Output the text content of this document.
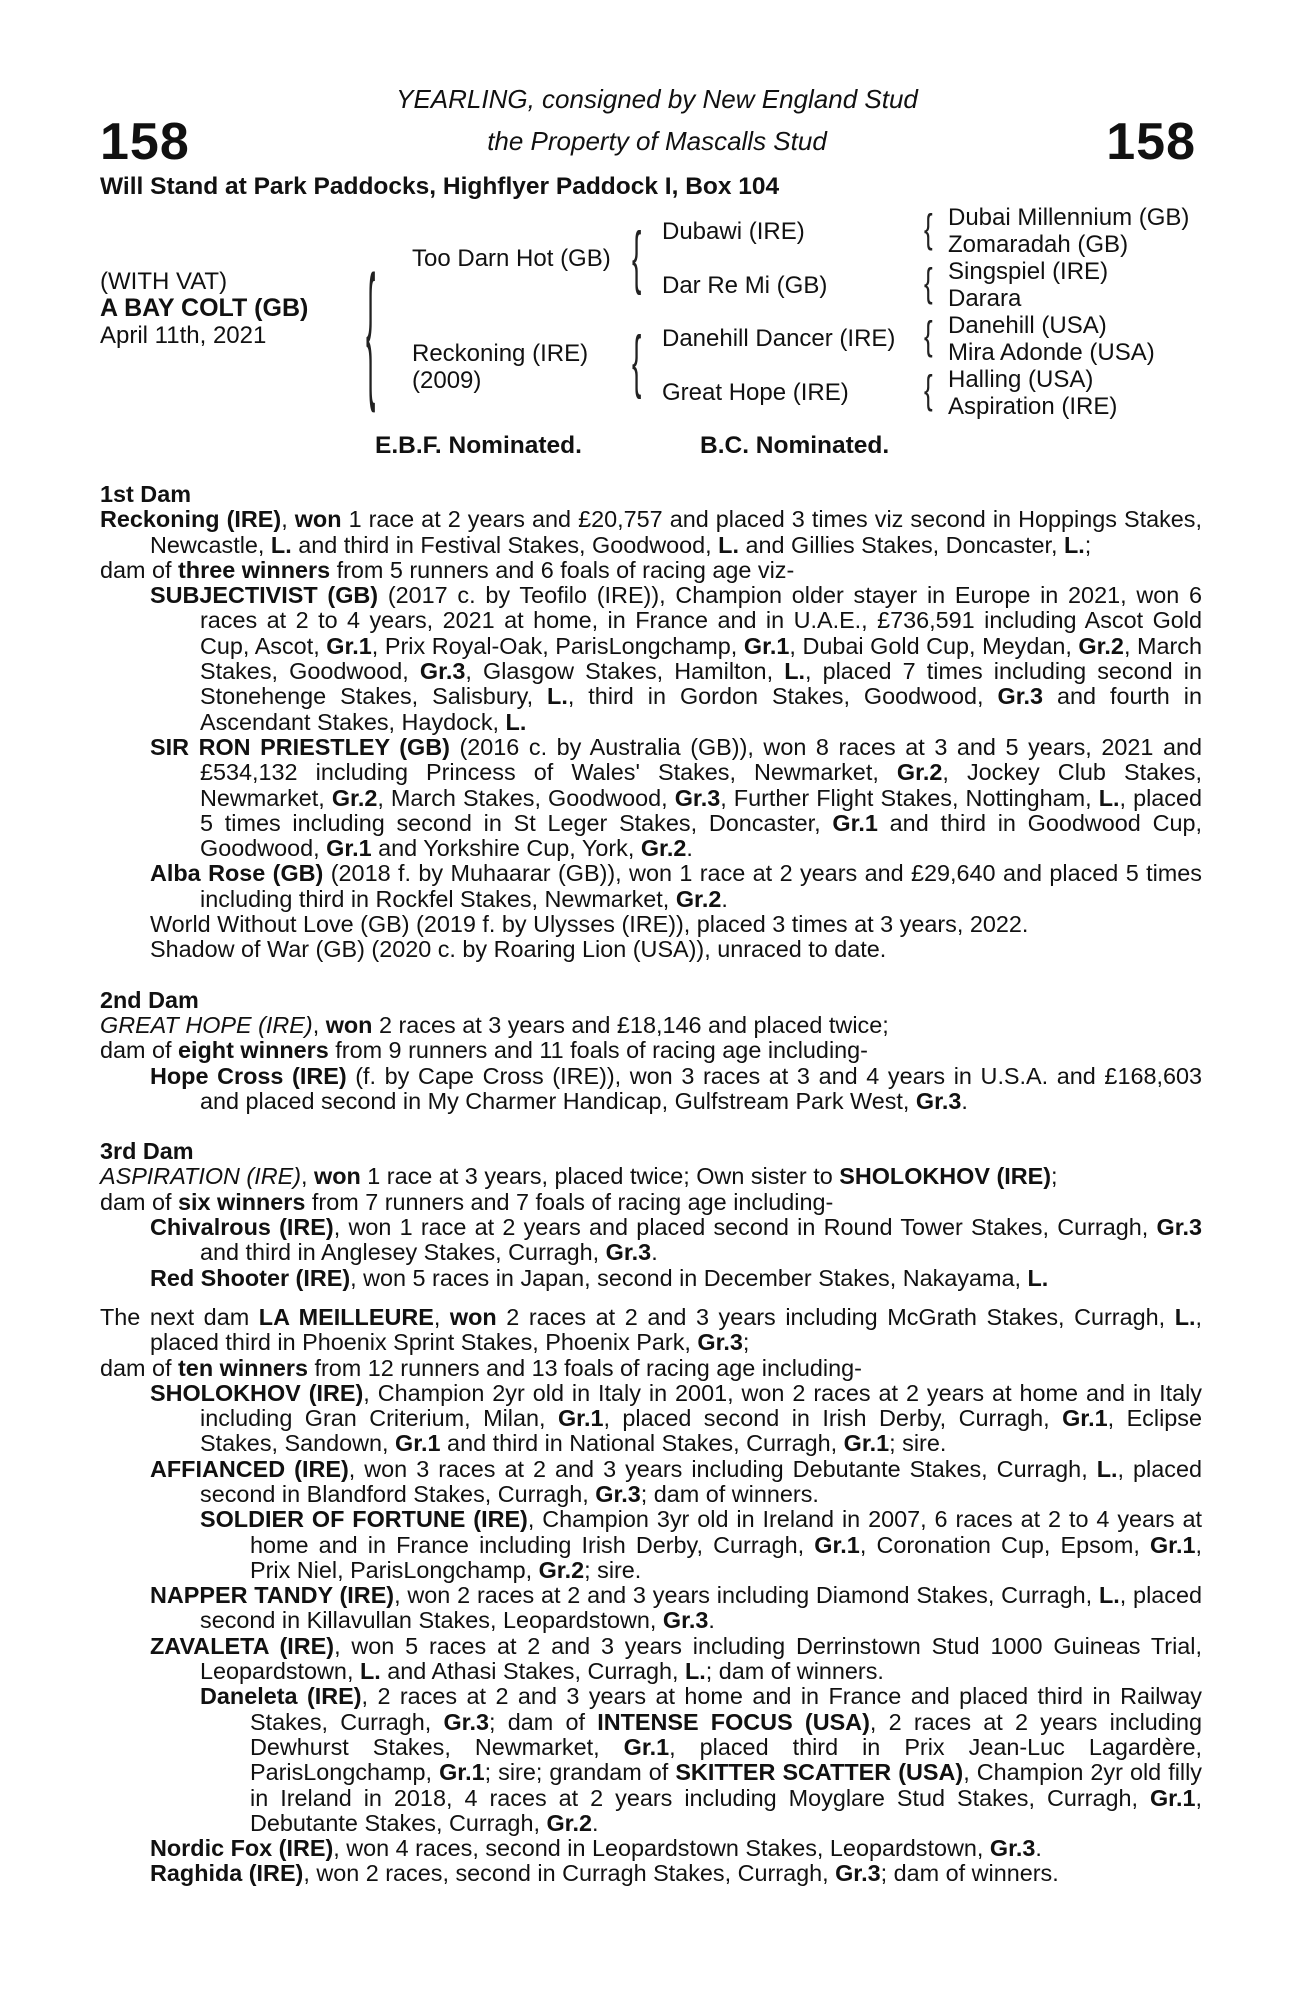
158	158
YEARLING, consigned by New England Stud
the Property of Mascalls Stud
Will Stand at Park Paddocks, Highflyer Paddock I, Box 104
(WITH VAT)
A BAY COLT (GB)
April 11th, 2021	{ Too Darn Hot (GB)
Reckoning (IRE)
(2009)
{
{
Dubawi (IRE)
Dar Re Mi (GB)
Danehill Dancer (IRE)
Great Hope (IRE)
{
{
{
{
Dubai Millennium (GB)
Zomaradah (GB)
Singspiel (IRE)
Darara
Danehill (USA)
Mira Adonde (USA)
Halling (USA)
Aspiration (IRE)
E.B.F. Nominated.	B.C. Nominated.

1st Dam

Reckoning (IRE), won 1 race at 2 years and £20,757 and placed 3 times viz second in Hoppings Stakes, Newcastle, L. and third in Festival Stakes, Goodwood, L. and Gillies Stakes, Doncaster, L.;

dam of three winners from 5 runners and 6 foals of racing age viz-

SUBJECTIVIST (GB) (2017 c. by Teofilo (IRE)), Champion older stayer in Europe in 2021, won 6 races at 2 to 4 years, 2021 at home, in France and in U.A.E., £736,591 including Ascot Gold Cup, Ascot, Gr.1, Prix Royal-Oak, ParisLongchamp, Gr.1, Dubai Gold Cup, Meydan, Gr.2, March Stakes, Goodwood, Gr.3, Glasgow Stakes, Hamilton, L., placed 7 times including second in Stonehenge Stakes, Salisbury, L., third in Gordon Stakes, Goodwood, Gr.3 and fourth in Ascendant Stakes, Haydock, L.

SIR RON PRIESTLEY (GB) (2016 c. by Australia (GB)), won 8 races at 3 and 5 years, 2021 and £534,132 including Princess of Wales' Stakes, Newmarket, Gr.2, Jockey Club Stakes, Newmarket, Gr.2, March Stakes, Goodwood, Gr.3, Further Flight Stakes, Nottingham, L., placed 5 times including second in St Leger Stakes, Doncaster, Gr.1 and third in Goodwood Cup, Goodwood, Gr.1 and Yorkshire Cup, York, Gr.2.

Alba Rose (GB) (2018 f. by Muhaarar (GB)), won 1 race at 2 years and £29,640 and placed 5 times including third in Rockfel Stakes, Newmarket, Gr.2.

World Without Love (GB) (2019 f. by Ulysses (IRE)), placed 3 times at 3 years, 2022.

Shadow of War (GB) (2020 c. by Roaring Lion (USA)), unraced to date.

2nd Dam

GREAT HOPE (IRE), won 2 races at 3 years and £18,146 and placed twice;

dam of eight winners from 9 runners and 11 foals of racing age including-

Hope Cross (IRE) (f. by Cape Cross (IRE)), won 3 races at 3 and 4 years in U.S.A. and £168,603 and placed second in My Charmer Handicap, Gulfstream Park West, Gr.3.

3rd Dam

ASPIRATION (IRE), won 1 race at 3 years, placed twice; Own sister to SHOLOKHOV (IRE);

dam of six winners from 7 runners and 7 foals of racing age including-

Chivalrous (IRE), won 1 race at 2 years and placed second in Round Tower Stakes, Curragh, Gr.3 and third in Anglesey Stakes, Curragh, Gr.3.

Red Shooter (IRE), won 5 races in Japan, second in December Stakes, Nakayama, L.

The next dam LA MEILLEURE, won 2 races at 2 and 3 years including McGrath Stakes, Curragh, L., placed third in Phoenix Sprint Stakes, Phoenix Park, Gr.3;

dam of ten winners from 12 runners and 13 foals of racing age including-

SHOLOKHOV (IRE), Champion 2yr old in Italy in 2001, won 2 races at 2 years at home and in Italy including Gran Criterium, Milan, Gr.1, placed second in Irish Derby, Curragh, Gr.1, Eclipse Stakes, Sandown, Gr.1 and third in National Stakes, Curragh, Gr.1; sire.

AFFIANCED (IRE), won 3 races at 2 and 3 years including Debutante Stakes, Curragh, L., placed second in Blandford Stakes, Curragh, Gr.3; dam of winners.

SOLDIER OF FORTUNE (IRE), Champion 3yr old in Ireland in 2007, 6 races at 2 to 4 years at home and in France including Irish Derby, Curragh, Gr.1, Coronation Cup, Epsom, Gr.1, Prix Niel, ParisLongchamp, Gr.2; sire.

NAPPER TANDY (IRE), won 2 races at 2 and 3 years including Diamond Stakes, Curragh, L., placed second in Killavullan Stakes, Leopardstown, Gr.3.

ZAVALETA (IRE), won 5 races at 2 and 3 years including Derrinstown Stud 1000 Guineas Trial, Leopardstown, L. and Athasi Stakes, Curragh, L.; dam of winners.

Daneleta (IRE), 2 races at 2 and 3 years at home and in France and placed third in Railway Stakes, Curragh, Gr.3; dam of INTENSE FOCUS (USA), 2 races at 2 years including Dewhurst Stakes, Newmarket, Gr.1, placed third in Prix Jean-Luc Lagardère, ParisLongchamp, Gr.1; sire; grandam of SKITTER SCATTER (USA), Champion 2yr old filly in Ireland in 2018, 4 races at 2 years including Moyglare Stud Stakes, Curragh, Gr.1, Debutante Stakes, Curragh, Gr.2.

Nordic Fox (IRE), won 4 races, second in Leopardstown Stakes, Leopardstown, Gr.3.

Raghida (IRE), won 2 races, second in Curragh Stakes, Curragh, Gr.3; dam of winners.
